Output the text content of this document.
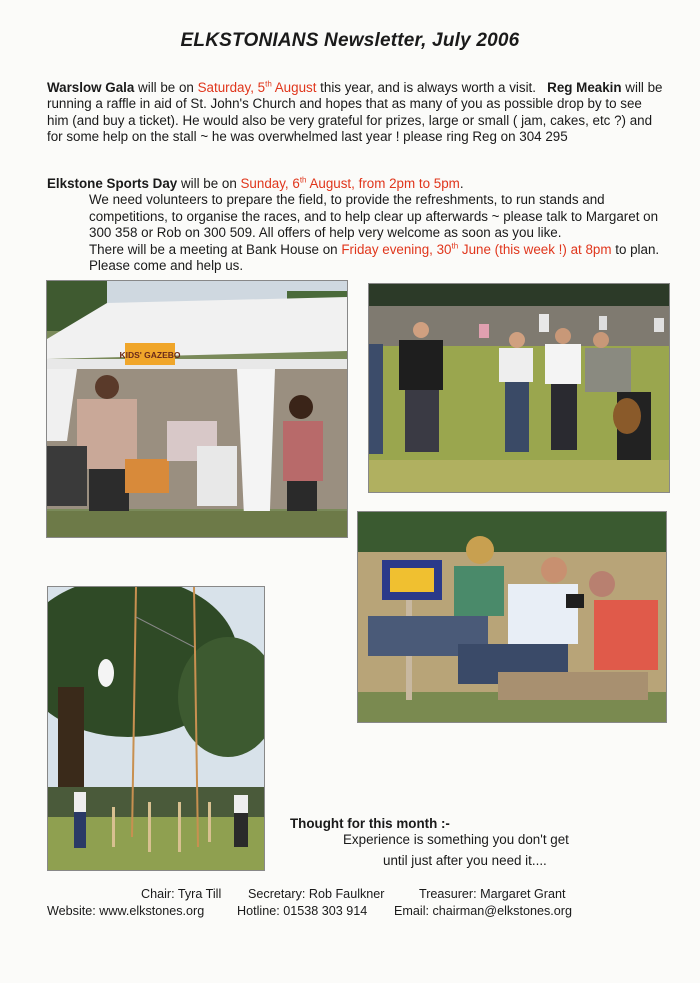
ELKSTONIANS Newsletter, July 2006
Warslow Gala will be on Saturday, 5th August this year, and is always worth a visit. Reg Meakin will be running a raffle in aid of St. John's Church and hopes that as many of you as possible drop by to see him (and buy a ticket). He would also be very grateful for prizes, large or small ( jam, cakes, etc ?) and for some help on the stall ~ he was overwhelmed last year ! please ring Reg on 304 295
Elkstone Sports Day will be on Sunday, 6th August, from 2pm to 5pm.
We need volunteers to prepare the field, to provide the refreshments, to run stands and competitions, to organise the races, and to help clear up afterwards ~ please talk to Margaret on 300 358 or Rob on 300 509. All offers of help very welcome as soon as you like.
There will be a meeting at Bank House on Friday evening, 30th June (this week !) at 8pm to plan. Please come and help us.
KIDS' GAZEBO
Thought for this month :-
Experience is something you don't get
until just after you need it....
Chair: Tyra Till Secretary: Rob Faulkner	Treasurer: Margaret Grant
Website: www.elkstones.org	Hotline: 01538 303 914 Email: chairman@elkstones.org
